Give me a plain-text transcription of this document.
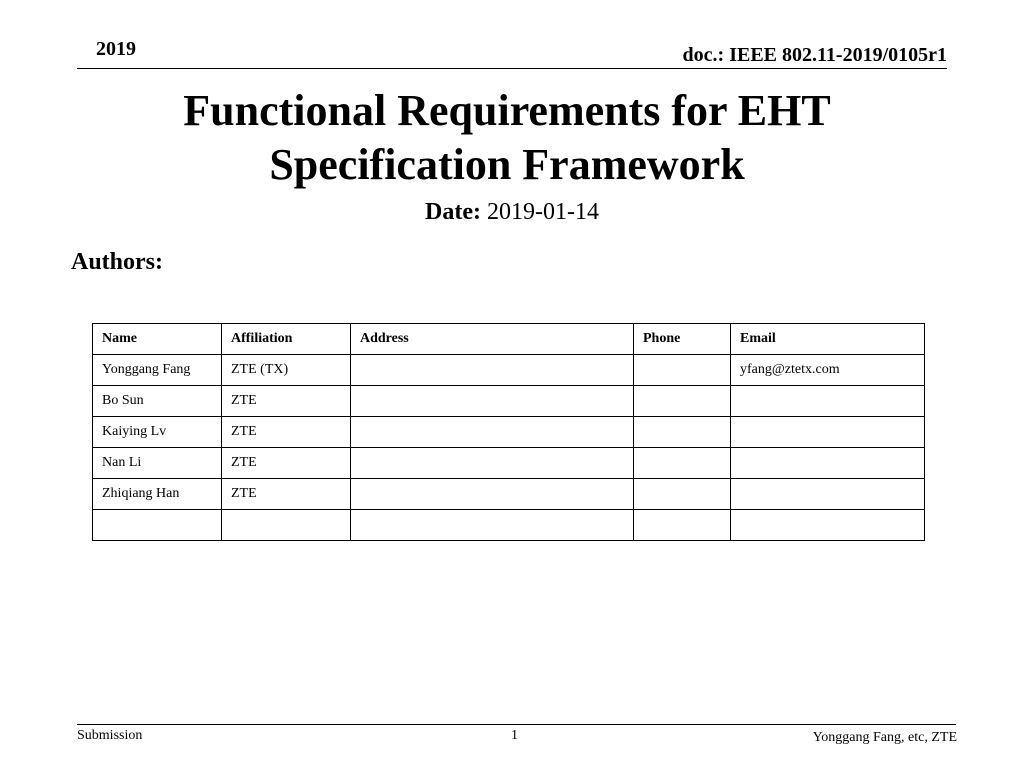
2019	doc.: IEEE 802.11-2019/0105r1
Functional Requirements for EHT
Specification Framework
Date: 2019-01-14
Authors:
Name	Affiliation	Address	Phone	Email
Yonggang Fang	ZTE (TX)			yfang@ztetx.com
Bo Sun	ZTE			
Kaiying Lv	ZTE			
Nan Li	ZTE			
Zhiqiang Han	ZTE			

Submission	1	Yonggang Fang, etc, ZTE
